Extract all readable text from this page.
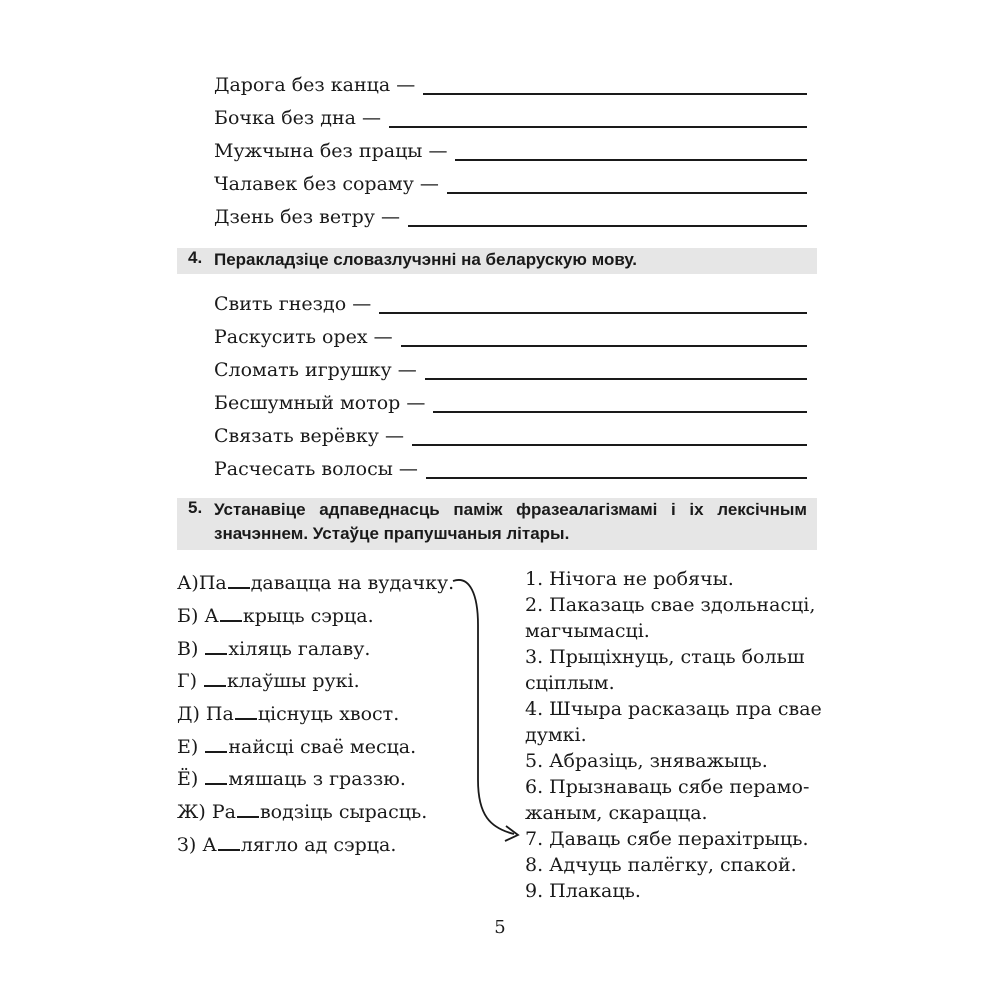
Дарога без канца —
Бочка без дна —
Мужчына без працы —
Чалавек без сораму —
Дзень без ветру —
4. Перакладзіце словазлучэнні на беларускую мову.
Свить гнездо —
Раскусить орех —
Сломать игрушку —
Бесшумный мотор —
Связать верёвку —
Расчесать волосы —
5. Устанавіце адпаведнасць паміж фразеалагізмамі і іх лексічным значэннем. Устаўце прапушчаныя літары.
А)Па давацца на вудачку.
Б) А крыць сэрца.
В) хіляць галаву.
Г) клаўшы рукі.
Д) Па ціснуць хвост.
Е) найсці сваё месца.
Ё) мяшаць з граззю.
Ж) Ра водзіць сырасць.
З) А лягло ад сэрца.
1. Нічога не робячы.
2. Паказаць свае здольнасці,
магчымасці.
3. Прыціхнуць, стаць больш
сціплым.
4. Шчыра расказаць пра свае
думкі.
5. Абразіць, зняважыць.
6. Прызнаваць сябе перамо-
жаным, скарацца.
7. Даваць сябе перахітрыць.
8. Адчуць палёгку, спакой.
9. Плакаць.
5
